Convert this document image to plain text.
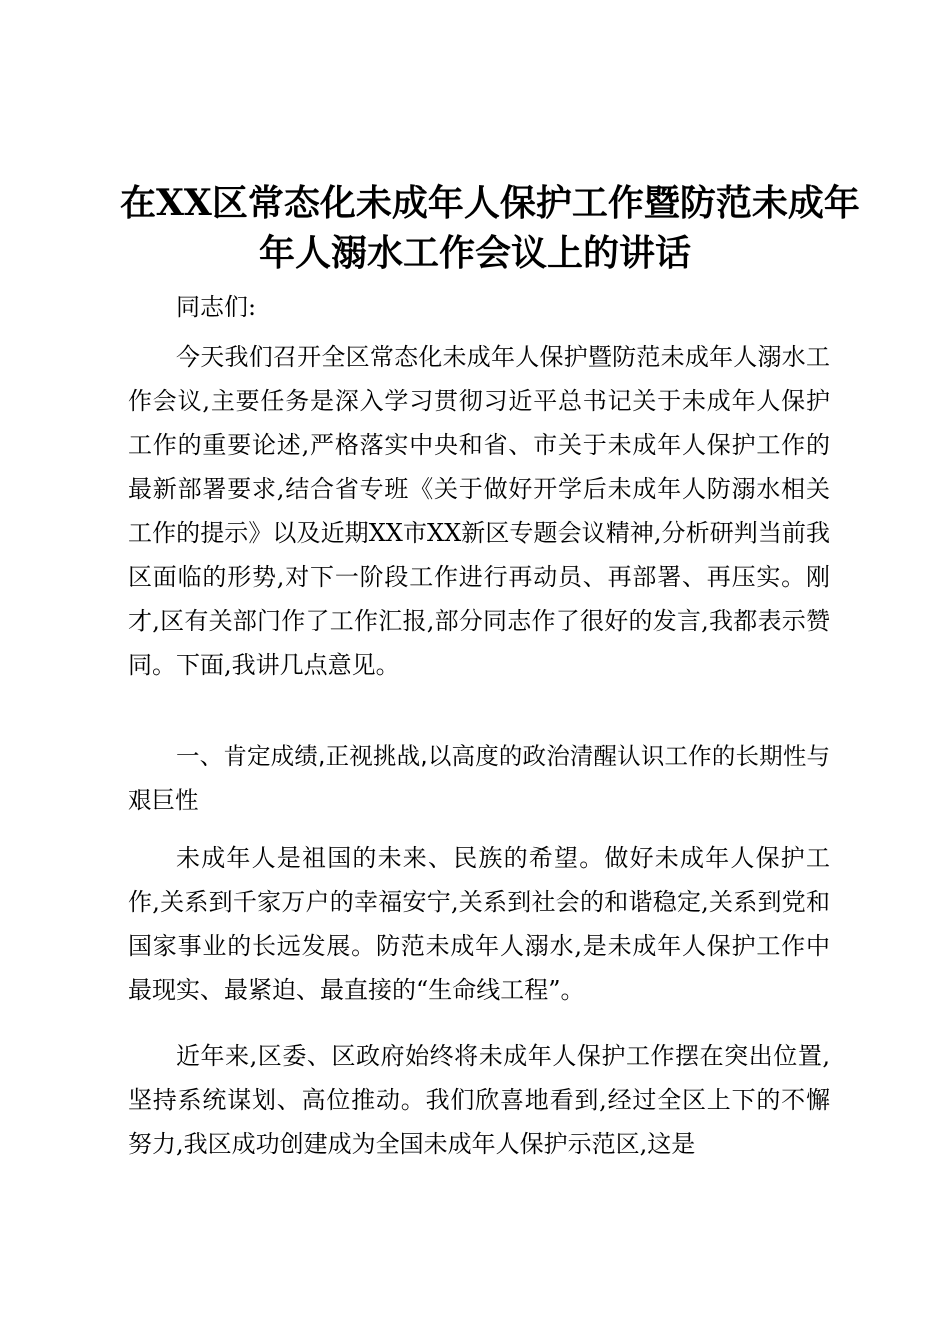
在XX区常态化未成年人保护工作暨防范未成年
年人溺水工作会议上的讲话

同志们:

今天我们召开全区常态化未成年人保护暨防范未成年人溺水工作会议,主要任务是深入学习贯彻习近平总书记关于未成年人保护工作的重要论述,严格落实中央和省、市关于未成年人保护工作的最新部署要求,结合省专班《关于做好开学后未成年人防溺水相关工作的提示》以及近期XX市XX新区专题会议精神,分析研判当前我区面临的形势,对下一阶段工作进行再动员、再部署、再压实。刚才,区有关部门作了工作汇报,部分同志作了很好的发言,我都表示赞同。下面,我讲几点意见。

一、肯定成绩,正视挑战,以高度的政治清醒认识工作的长期性与艰巨性

未成年人是祖国的未来、民族的希望。做好未成年人保护工作,关系到千家万户的幸福安宁,关系到社会的和谐稳定,关系到党和国家事业的长远发展。防范未成年人溺水,是未成年人保护工作中最现实、最紧迫、最直接的“生命线工程”。

近年来,区委、区政府始终将未成年人保护工作摆在突出位置,坚持系统谋划、高位推动。我们欣喜地看到,经过全区上下的不懈努力,我区成功创建成为全国未成年人保护示范区,这是
